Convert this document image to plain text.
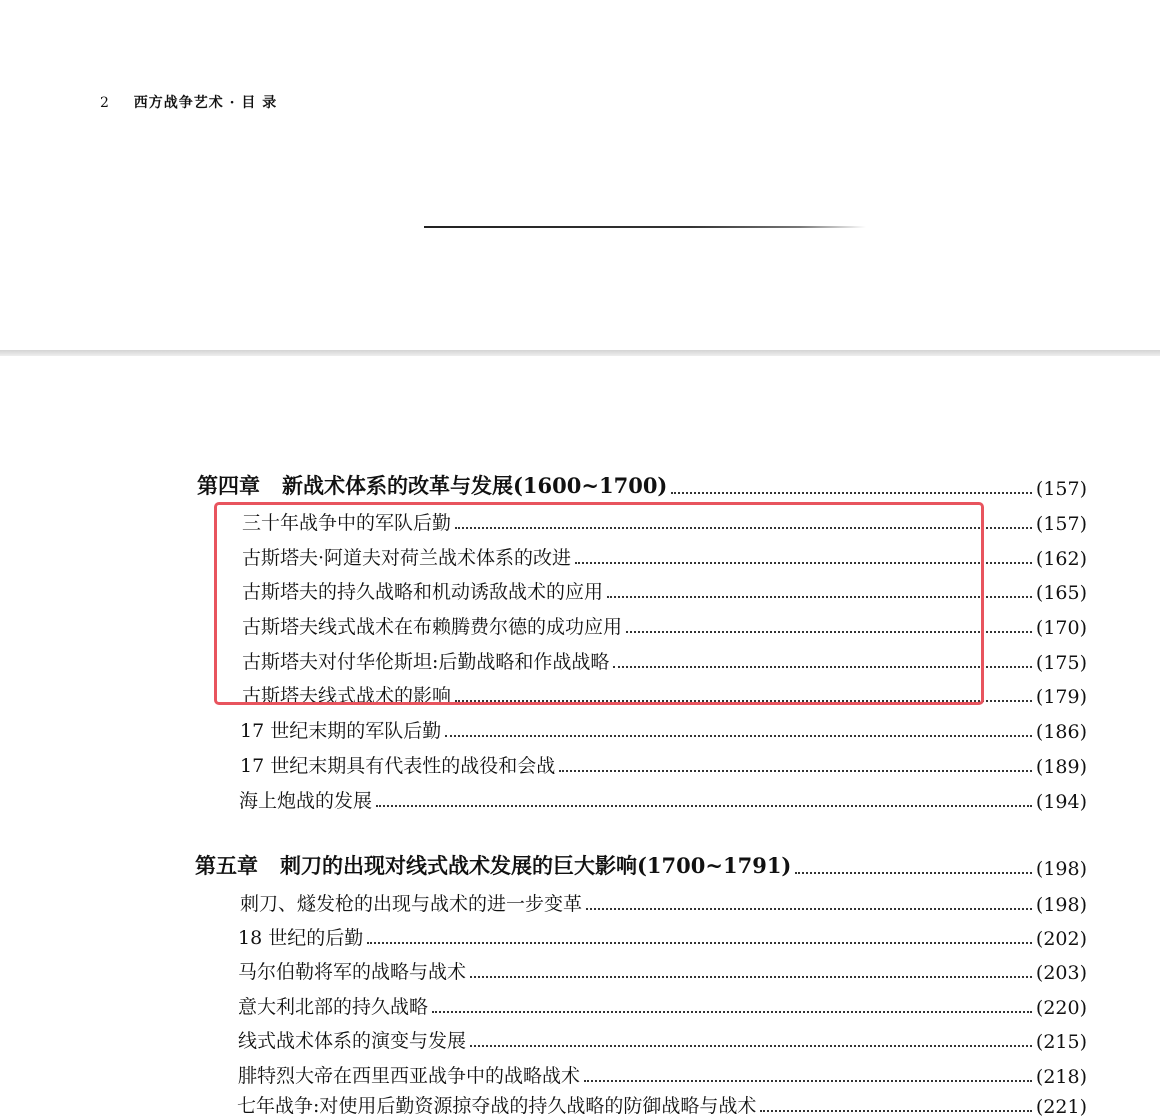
2 西方战争艺术 · 目 录
第四章 新战术体系的改革与发展(1600~1700)	(157)
三十年战争中的军队后勤	(157)
古斯塔夫·阿道夫对荷兰战术体系的改进	(162)
古斯塔夫的持久战略和机动诱敌战术的应用	(165)
古斯塔夫线式战术在布赖腾费尔德的成功应用	(170)
古斯塔夫对付华伦斯坦:后勤战略和作战战略	(175)
古斯塔夫线式战术的影响	(179)
17 世纪末期的军队后勤	(186)
17 世纪末期具有代表性的战役和会战	(189)
海上炮战的发展	(194)
第五章 刺刀的出现对线式战术发展的巨大影响(1700~1791)	(198)
刺刀、燧发枪的出现与战术的进一步变革	(198)
18 世纪的后勤	(202)
马尔伯勒将军的战略与战术	(203)
意大利北部的持久战略	(220)
线式战术体系的演变与发展	(215)
腓特烈大帝在西里西亚战争中的战略战术	(218)
七年战争:对使用后勤资源掠夺战的持久战略的防御战略与战术	(221)
